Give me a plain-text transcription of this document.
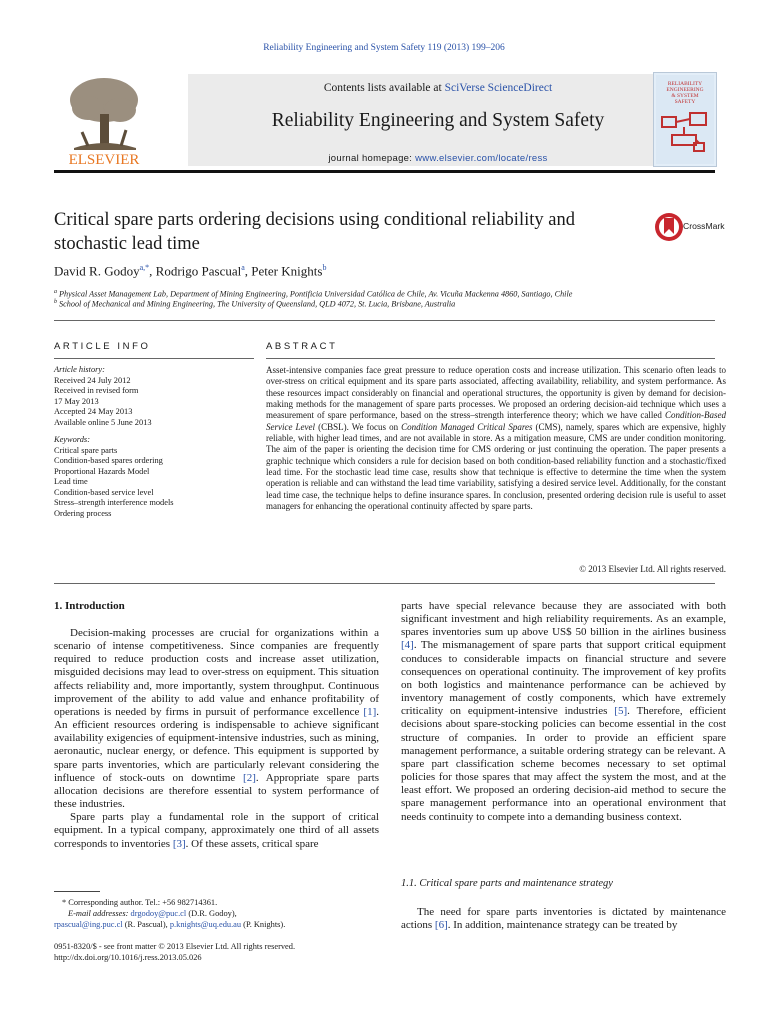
Reliability Engineering and System Safety 119 (2013) 199–206
ELSEVIER
Contents lists available at SciVerse ScienceDirect
Reliability Engineering and System Safety
journal homepage: www.elsevier.com/locate/ress
RELIABILITY
ENGINEERING
& SYSTEM
SAFETY
Critical spare parts ordering decisions using conditional reliability and stochastic lead time
CrossMark
David R. Godoy$^{a,*}$, Rodrigo Pascual$^a$, Peter Knights$^b$
$^a$ Physical Asset Management Lab, Department of Mining Engineering, Pontificia Universidad Católica de Chile, Av. Vicuña Mackenna 4860, Santiago, Chile
$^b$ School of Mechanical and Mining Engineering, The University of Queensland, QLD 4072, St. Lucia, Brisbane, Australia
ARTICLE INFO	ABSTRACT
Article history:
Received 24 July 2012
Received in revised form
17 May 2013
Accepted 24 May 2013
Available online 5 June 2013
Keywords:
Critical spare parts
Condition-based spares ordering
Proportional Hazards Model
Lead time
Condition-based service level
Stress–strength interference models
Ordering process
Asset-intensive companies face great pressure to reduce operation costs and increase utilization. This scenario often leads to over-stress on critical equipment and its spare parts associated, affecting availability, reliability, and system performance. As these resources impact considerably on financial and operational structures, the opportunity is given by demand for decision-making methods for the management of spare parts processes. We proposed an ordering decision-aid technique which uses a measurement of spare performance, based on the stress–strength interference theory; which we have called Condition-Based Service Level (CBSL). We focus on Condition Managed Critical Spares (CMS), namely, spares which are expensive, highly reliable, with higher lead times, and are not available in store. As a mitigation measure, CMS are under condition monitoring. The aim of the paper is orienting the decision time for CMS ordering or just continuing the operation. The paper presents a graphic technique which considers a rule for decision based on both condition-based reliability function and a stochastic/fixed lead time. For the stochastic lead time case, results show that technique is effective to determine the time when the system operation is reliable and can withstand the lead time variability, satisfying a desired service level. Additionally, for the constant lead time case, the technique helps to define insurance spares. In conclusion, presented ordering decision rule is useful to asset managers for enhancing the operational continuity affected by spare parts.
© 2013 Elsevier Ltd. All rights reserved.
1. Introduction
Decision-making processes are crucial for organizations within a scenario of intense competitiveness. Since companies are frequently required to reduce production costs and increase asset utilization, misguided decisions may lead to over-stress on equipment. This situation affects reliability and, more importantly, system throughput. Continuous improvement of the ability to add value and enhance profitability of operations is needed by firms in pursuit of performance excellence [1]. An efficient resources ordering is indispensable to achieve significant availability exigencies of equipment-intensive industries, such as mining, aeronautic, nuclear energy, or defence. This equipment is supported by spare parts inventories, which are particularly relevant considering the influence of stock-outs on downtime [2]. Appropriate spare parts allocation decisions are therefore essential to system performance of these industries.
Spare parts play a fundamental role in the support of critical equipment. In a typical company, approximately one third of all assets corresponds to inventories [3]. Of these assets, critical spare
parts have special relevance because they are associated with both significant investment and high reliability requirements. As an example, spares inventories sum up above US$ 50 billion in the airlines business [4]. The mismanagement of spare parts that support critical equipment conduces to considerable impacts on financial structure and severe consequences on operational continuity. The improvement of key profits on both logistics and maintenance performance can be achieved by inventory management of costly components, which have extremely criticality on equipment-intensive industries [5]. Therefore, efficient decisions about spare-stocking policies can become essential in the cost structure of companies. In order to provide an efficient spare management performance, a suitable ordering strategy can be relevant. A spare part classification scheme becomes necessary to set optimal policies for those spares that may affect the system the most, and at the least effort. We proposed an ordering decision-aid method to secure the spare management performance into an operational environment that needs continuity to compete into a demanding business context.
1.1. Critical spare parts and maintenance strategy
The need for spare parts inventories is dictated by maintenance actions [6]. In addition, maintenance strategy can be treated by
* Corresponding author. Tel.: +56 982714361.
E-mail addresses: drgodoy@puc.cl (D.R. Godoy),
rpascual@ing.puc.cl (R. Pascual), p.knights@uq.edu.au (P. Knights).
0951-8320/$ - see front matter © 2013 Elsevier Ltd. All rights reserved.
http://dx.doi.org/10.1016/j.ress.2013.05.026
